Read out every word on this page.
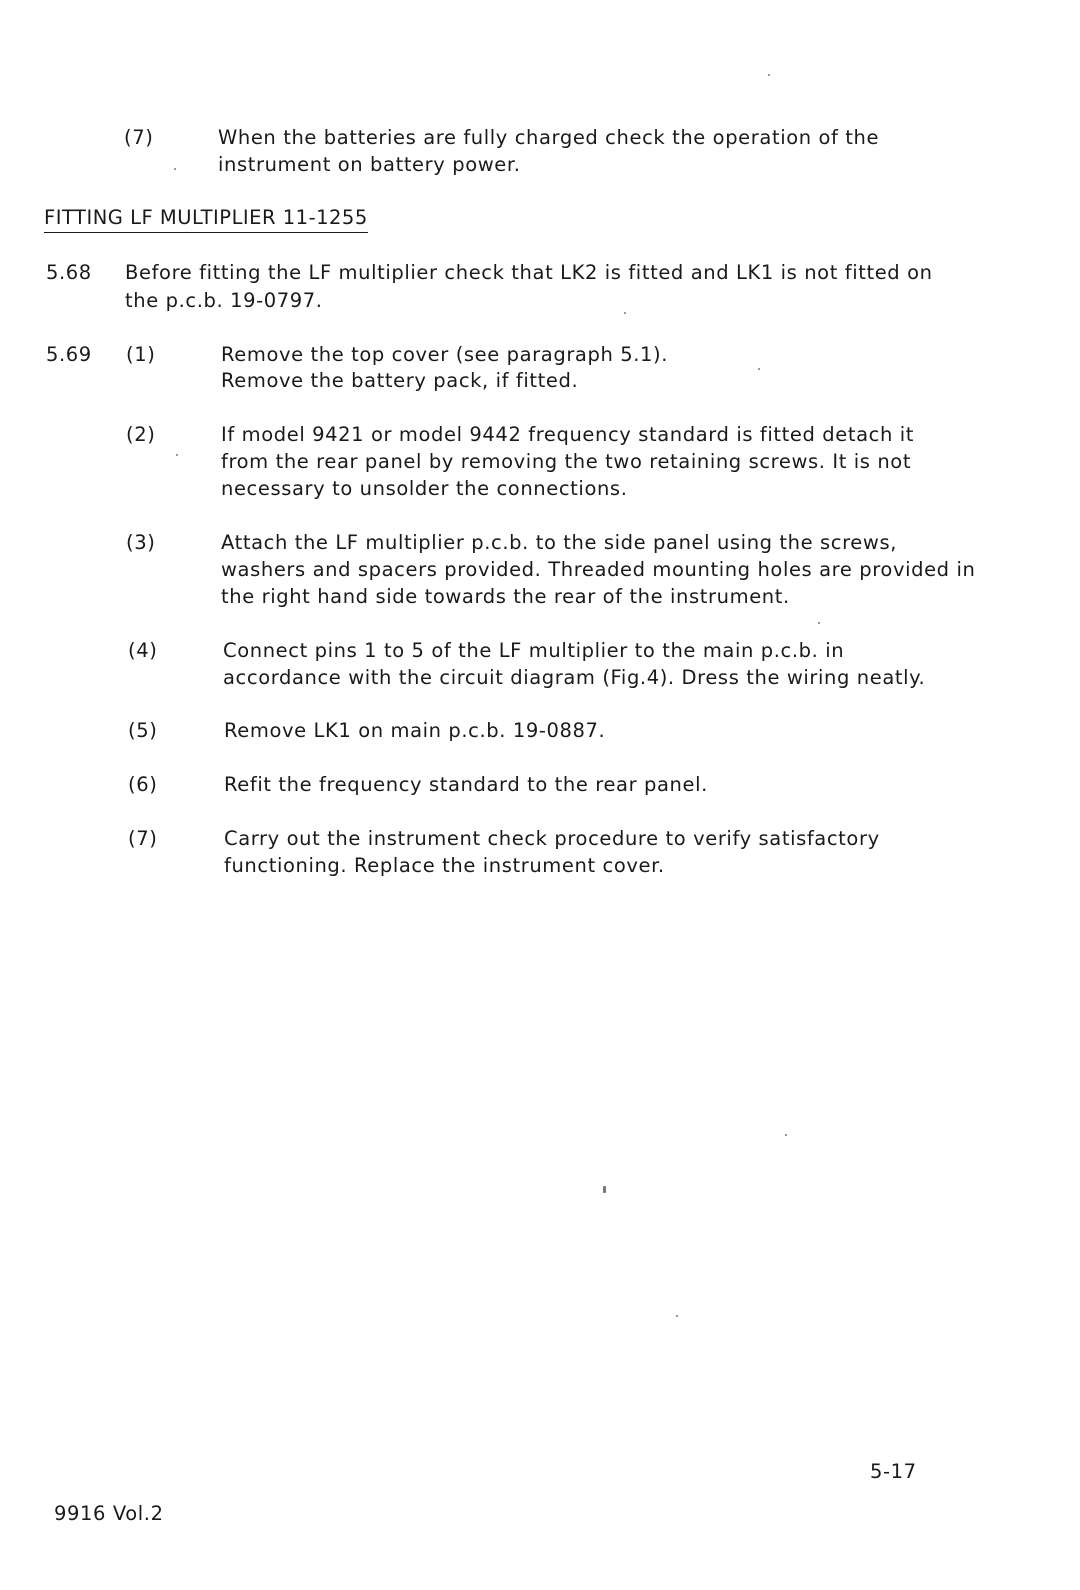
(7)	When the batteries are fully charged check the operation of the
instrument on battery power.
FITTING LF MULTIPLIER 11-1255
5.68 Before fitting the LF multiplier check that LK2 is fitted and LK1 is not fitted on
the p.c.b. 19-0797.
5.69 (1)	Remove the top cover (see paragraph 5.1).
Remove the battery pack, if fitted.
(2)	If model 9421 or model 9442 frequency standard is fitted detach it
from the rear panel by removing the two retaining screws. It is not
necessary to unsolder the connections.
(3)	Attach the LF multiplier p.c.b. to the side panel using the screws,
washers and spacers provided. Threaded mounting holes are provided in
the right hand side towards the rear of the instrument.
(4)	Connect pins 1 to 5 of the LF multiplier to the main p.c.b. in
accordance with the circuit diagram (Fig.4). Dress the wiring neatly.
(5)	Remove LK1 on main p.c.b. 19-0887.
(6)	Refit the frequency standard to the rear panel.
(7)	Carry out the instrument check procedure to verify satisfactory
functioning. Replace the instrument cover.
5-17
9916 Vol.2
